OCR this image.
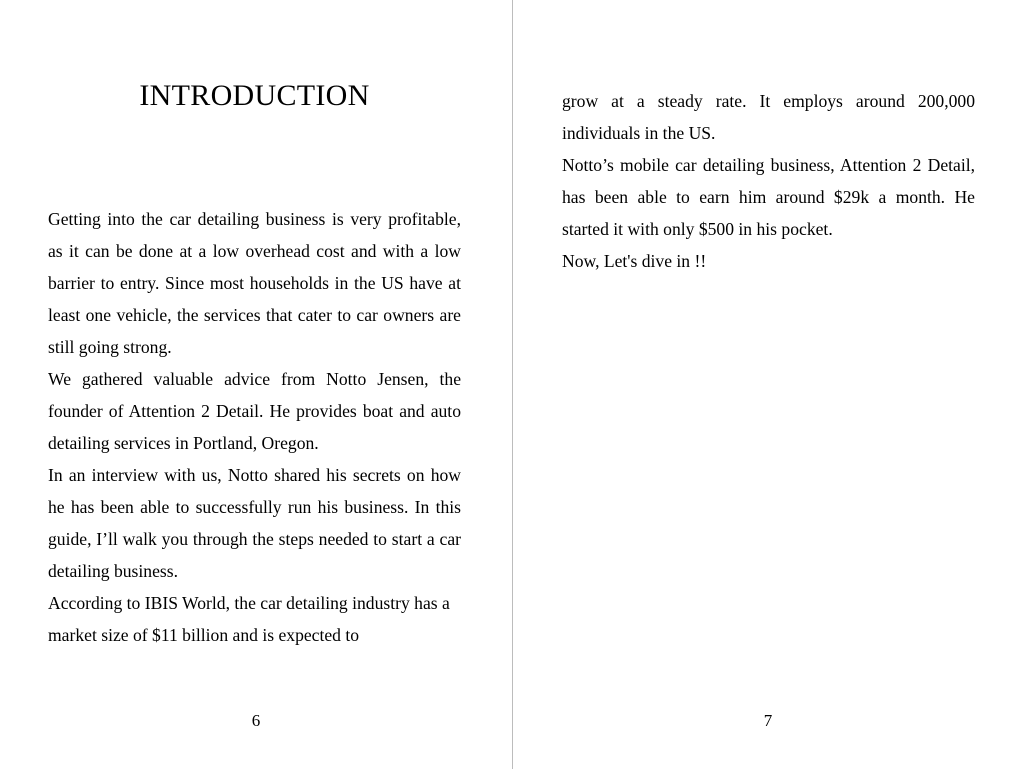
INTRODUCTION

Getting into the car detailing business is very profitable, as it can be done at a low overhead cost and with a low barrier to entry. Since most households in the US have at least one vehicle, the services that cater to car owners are still going strong.

We gathered valuable advice from Notto Jensen, the founder of Attention 2 Detail. He provides boat and auto detailing services in Portland, Oregon.

In an interview with us, Notto shared his secrets on how he has been able to successfully run his business. In this guide, I’ll walk you through the steps needed to start a car detailing business.

According to IBIS World, the car detailing industry has a market size of $11 billion and is expected to

6

grow at a steady rate. It employs around 200,000 individuals in the US.

Notto’s mobile car detailing business, Attention 2 Detail, has been able to earn him around $29k a month. He started it with only $500 in his pocket.

Now, Let's dive in !!

7
